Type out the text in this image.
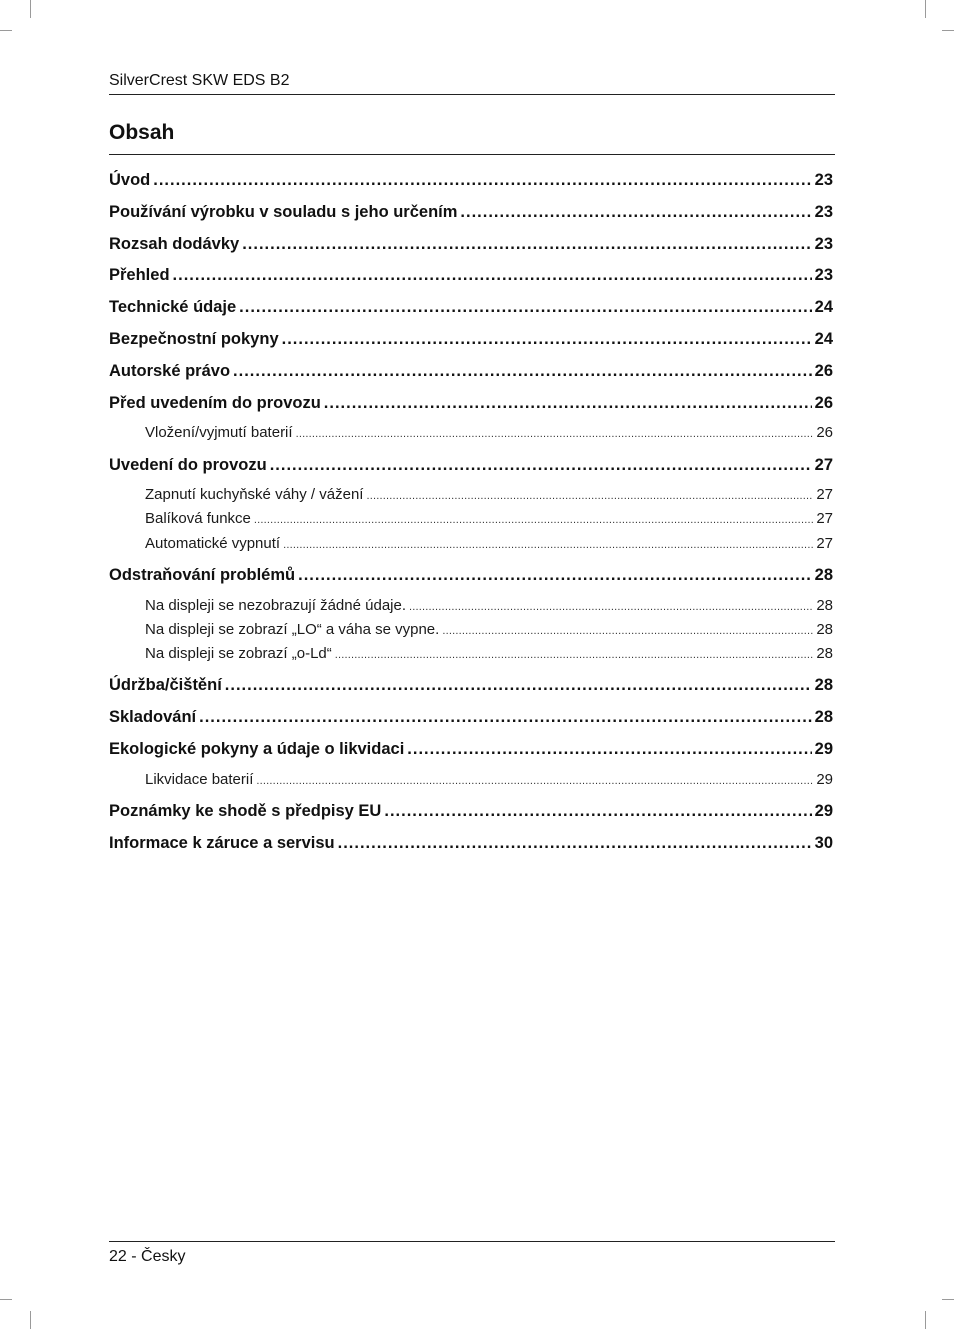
SilverCrest SKW EDS B2
Obsah
Úvod .....	23
Používání výrobku v souladu s jeho určením .....	23
Rozsah dodávky .....	23
Přehled .....	23
Technické údaje .....	24
Bezpečnostní pokyny .....	24
Autorské právo .....	26
Před uvedením do provozu .....	26
Vložení/vyjmutí baterií .....	26
Uvedení do provozu .....	27
Zapnutí kuchyňské váhy / vážení .....	27
Balíková funkce .....	27
Automatické vypnutí .....	27
Odstraňování problémů .....	28
Na displeji se nezobrazují žádné údaje. .....	28
Na displeji se zobrazí „LO“ a váha se vypne. .....	28
Na displeji se zobrazí „o-Ld“ .....	28
Údržba/čištění .....	28
Skladování .....	28
Ekologické pokyny a údaje o likvidaci .....	29
Likvidace baterií .....	29
Poznámky ke shodě s předpisy EU .....	29
Informace k záruce a servisu .....	30
22 - Česky
